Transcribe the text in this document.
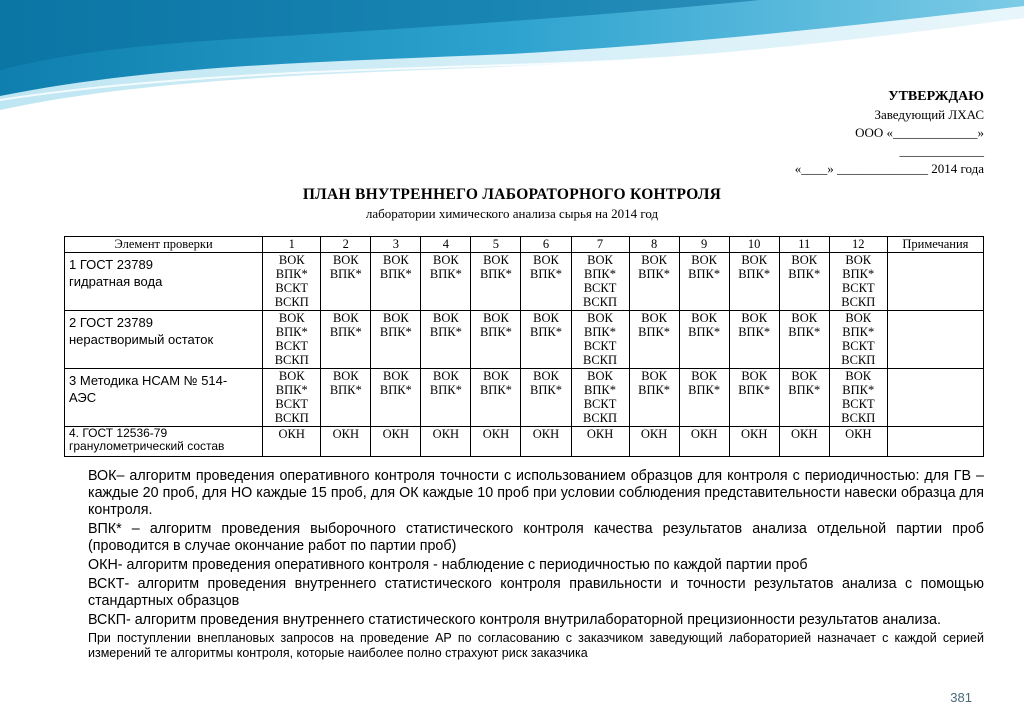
УТВЕРЖДАЮ
Заведующий ЛХАС
ООО «_____________»
_____________
«____» ______________ 2014 года
ПЛАН ВНУТРЕННЕГО ЛАБОРАТОРНОГО КОНТРОЛЯ
лаборатории химического анализа сырья на 2014 год
Элемент проверки	1	2	3	4	5	6	7	8	9	10	11	12	Примечания

1 ГОСТ 23789
гидратная вода	ВОК
ВПК*
ВСКТ
ВСКП	ВОК
ВПК*	ВОК
ВПК*	ВОК
ВПК*	ВОК
ВПК*	ВОК
ВПК*	ВОК
ВПК*
ВСКТ
ВСКП	ВОК
ВПК*	ВОК
ВПК*	ВОК
ВПК*	ВОК
ВПК*	ВОК
ВПК*
ВСКТ
ВСКП	

2 ГОСТ 23789
нерастворимый остаток	ВОК
ВПК*
ВСКТ
ВСКП	ВОК
ВПК*	ВОК
ВПК*	ВОК
ВПК*	ВОК
ВПК*	ВОК
ВПК*	ВОК
ВПК*
ВСКТ
ВСКП	ВОК
ВПК*	ВОК
ВПК*	ВОК
ВПК*	ВОК
ВПК*	ВОК
ВПК*
ВСКТ
ВСКП	

3 Методика НСАМ № 514-
АЭС	ВОК
ВПК*
ВСКТ
ВСКП	ВОК
ВПК*	ВОК
ВПК*	ВОК
ВПК*	ВОК
ВПК*	ВОК
ВПК*	ВОК
ВПК*
ВСКТ
ВСКП	ВОК
ВПК*	ВОК
ВПК*	ВОК
ВПК*	ВОК
ВПК*	ВОК
ВПК*
ВСКТ
ВСКП	

4. ГОСТ 12536-79
гранулометрический состав	ОКН	ОКН	ОКН	ОКН	ОКН	ОКН	ОКН	ОКН	ОКН	ОКН	ОКН	ОКН	

ВОК– алгоритм проведения оперативного контроля точности с использованием образцов для контроля с периодичностью: для ГВ – каждые 20 проб, для НО каждые 15 проб, для ОК каждые 10 проб при условии соблюдения представительности навески образца для контроля.

ВПК* – алгоритм проведения выборочного статистического контроля качества результатов анализа отдельной партии проб (проводится в случае окончание работ по партии проб)

ОКН- алгоритм проведения оперативного контроля - наблюдение с периодичностью по каждой партии проб

ВСКТ- алгоритм проведения внутреннего статистического контроля правильности и точности результатов анализа с помощью стандартных образцов

ВСКП- алгоритм проведения внутреннего статистического контроля внутрилабораторной прецизионности результатов анализа.

При поступлении внеплановых запросов на проведение АР по согласованию с заказчиком заведующий лабораторией назначает с каждой серией измерений те алгоритмы контроля, которые наиболее полно страхуют риск заказчика

381
